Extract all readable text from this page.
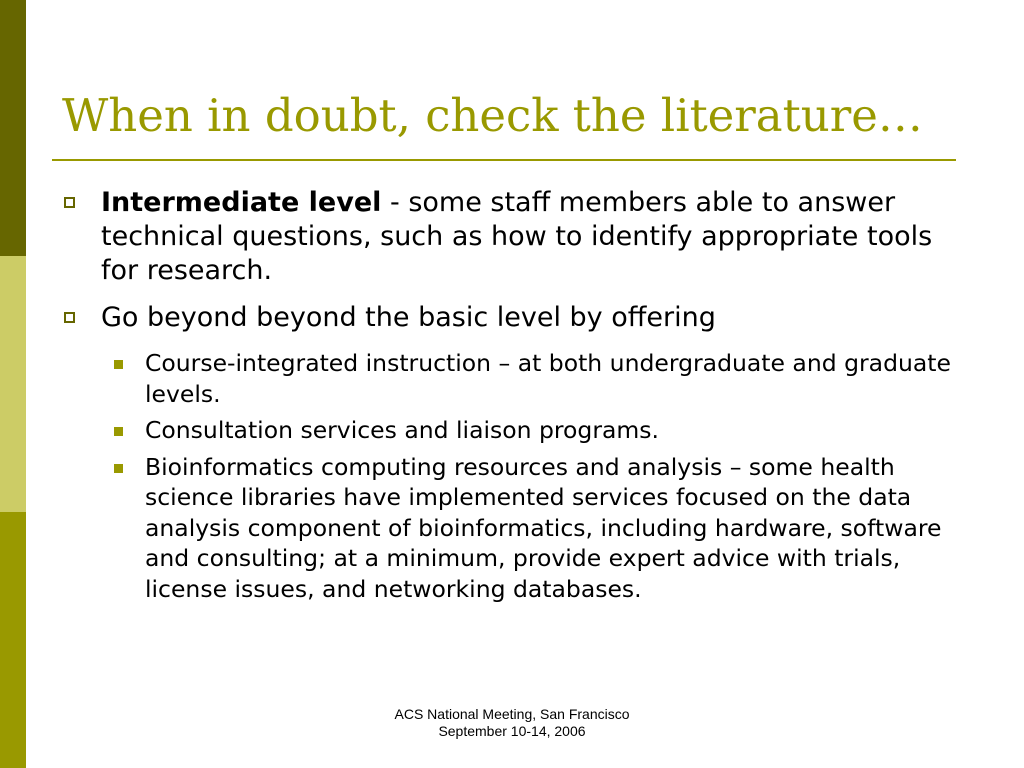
When in doubt, check the literature…

Intermediate level - some staff members able to answer technical questions, such as how to identify appropriate tools for research.

Go beyond beyond the basic level by offering

Course-integrated instruction – at both undergraduate and graduate levels.

Consultation services and liaison programs.

Bioinformatics computing resources and analysis – some health science libraries have implemented services focused on the data analysis component of bioinformatics, including hardware, software and consulting; at a minimum, provide expert advice with trials, license issues, and networking databases.

ACS National Meeting, San Francisco
September 10-14, 2006
